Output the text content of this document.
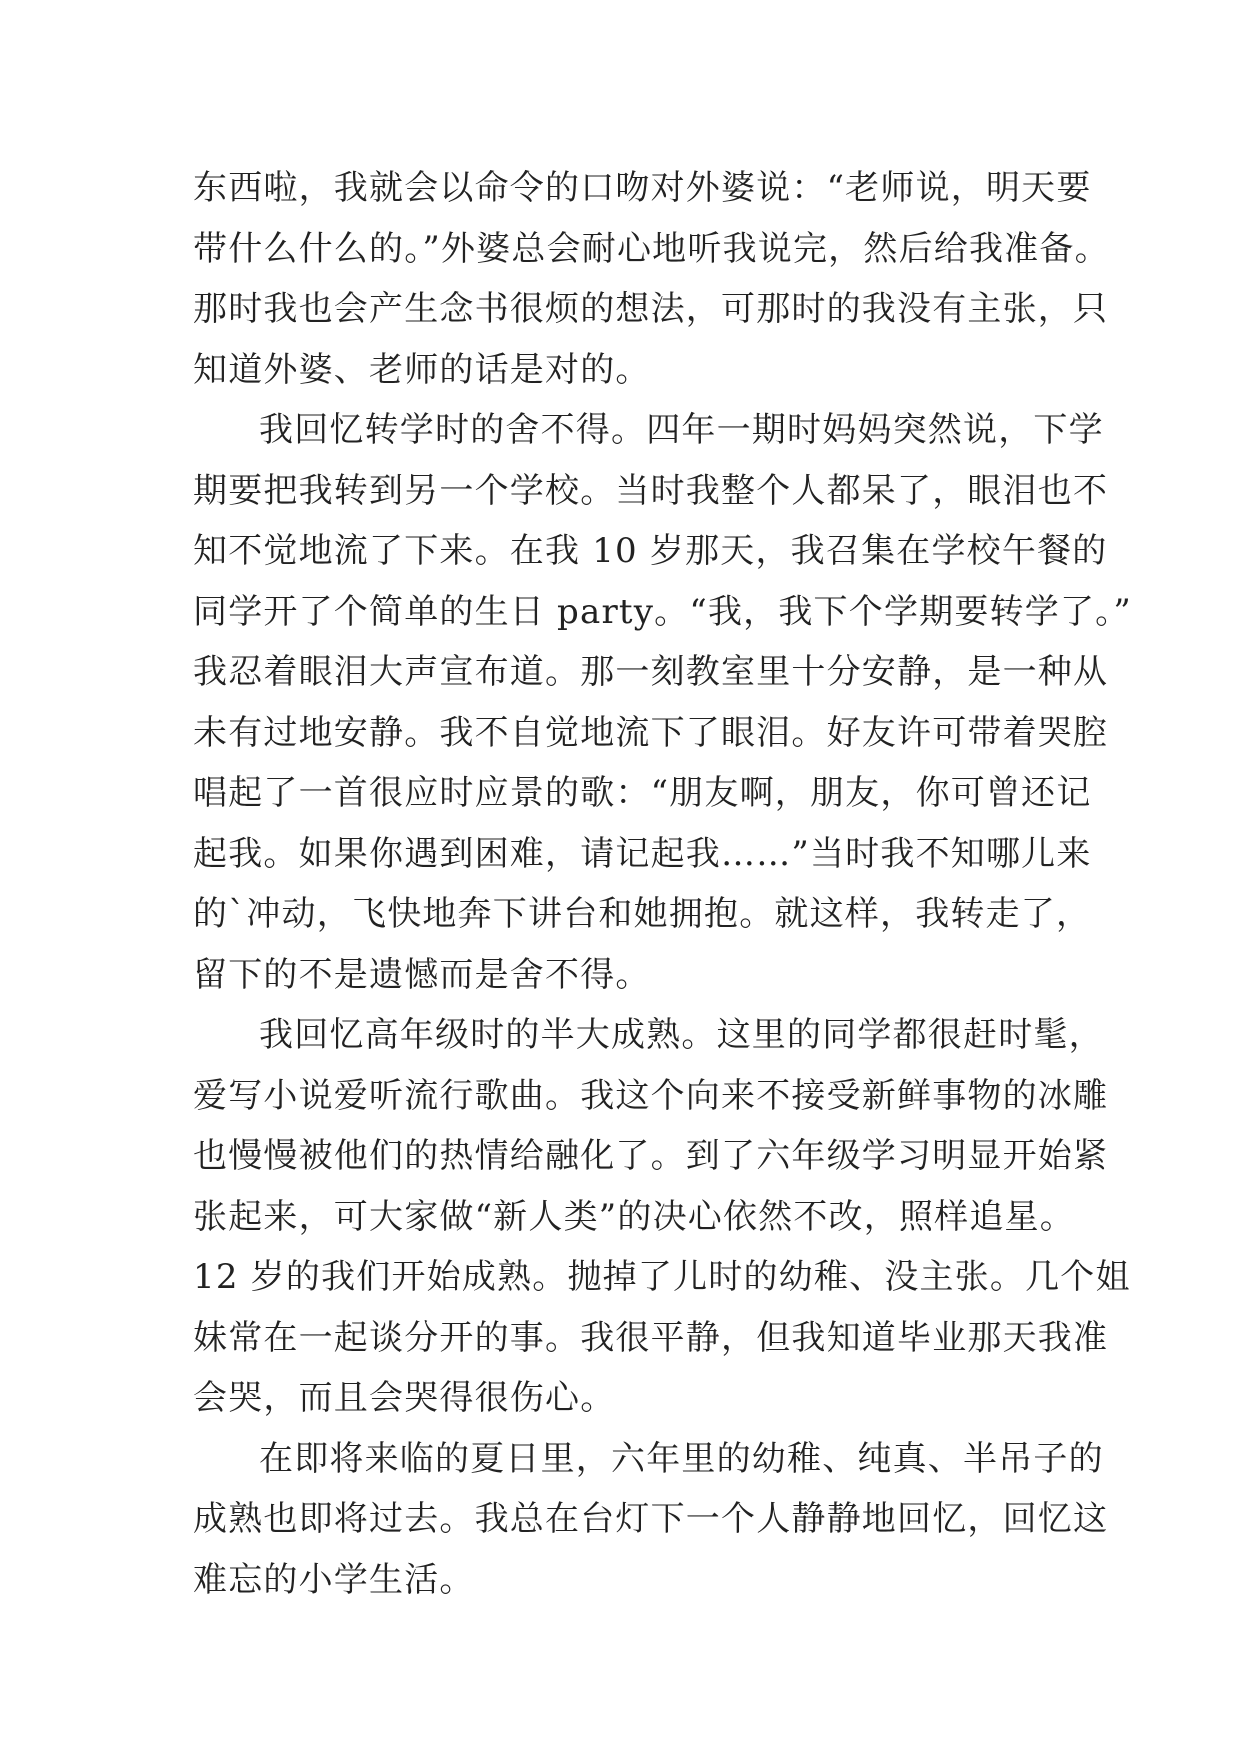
东西啦，我就会以命令的口吻对外婆说：“老师说，明天要
带什么什么的。”外婆总会耐心地听我说完，然后给我准备。
那时我也会产生念书很烦的想法，可那时的我没有主张，只
知道外婆、老师的话是对的。
我回忆转学时的舍不得。四年一期时妈妈突然说，下学
期要把我转到另一个学校。当时我整个人都呆了，眼泪也不
知不觉地流了下来。在我 10 岁那天，我召集在学校午餐的
同学开了个简单的生日 party。“我，我下个学期要转学了。”
我忍着眼泪大声宣布道。那一刻教室里十分安静，是一种从
未有过地安静。我不自觉地流下了眼泪。好友许可带着哭腔
唱起了一首很应时应景的歌：“朋友啊，朋友，你可曾还记
起我。如果你遇到困难，请记起我……”当时我不知哪儿来
的`冲动，飞快地奔下讲台和她拥抱。就这样，我转走了，
留下的不是遗憾而是舍不得。
我回忆高年级时的半大成熟。这里的同学都很赶时髦，
爱写小说爱听流行歌曲。我这个向来不接受新鲜事物的冰雕
也慢慢被他们的热情给融化了。到了六年级学习明显开始紧
张起来，可大家做“新人类”的决心依然不改，照样追星。
12 岁的我们开始成熟。抛掉了儿时的幼稚、没主张。几个姐
妹常在一起谈分开的事。我很平静，但我知道毕业那天我准
会哭，而且会哭得很伤心。
在即将来临的夏日里，六年里的幼稚、纯真、半吊子的
成熟也即将过去。我总在台灯下一个人静静地回忆，回忆这
难忘的小学生活。
